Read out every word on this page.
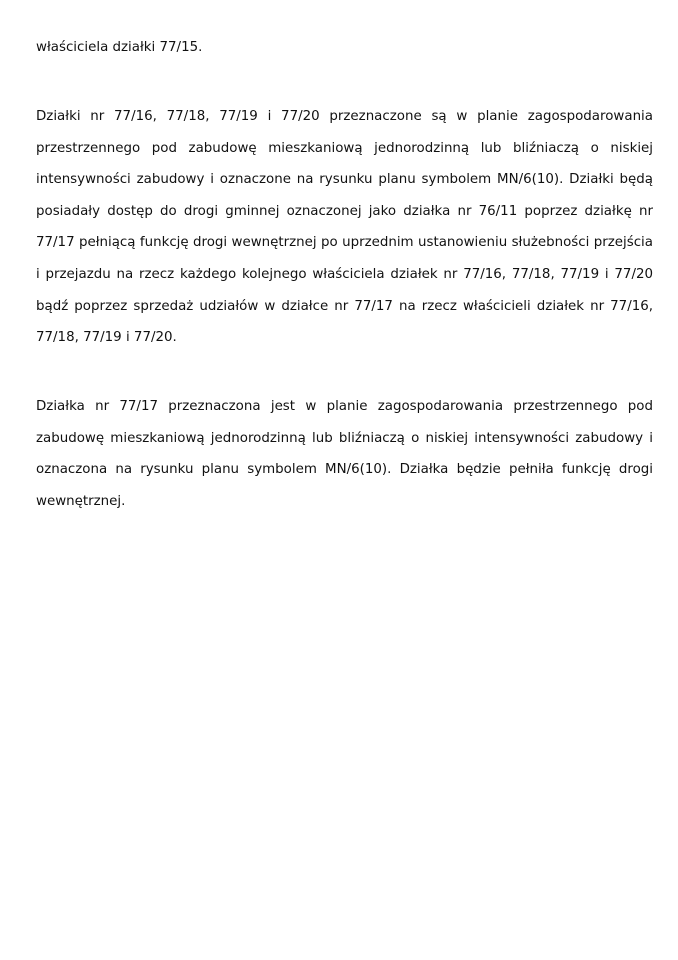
właściciela działki 77/15.

Działki nr 77/16, 77/18, 77/19 i 77/20 przeznaczone są w planie zagospodarowania przestrzennego pod zabudowę mieszkaniową jednorodzinną lub bliźniaczą o niskiej intensywności zabudowy i oznaczone na rysunku planu symbolem MN/6(10). Działki będą posiadały dostęp do drogi gminnej oznaczonej jako działka nr 76/11 poprzez działkę nr 77/17 pełniącą funkcję drogi wewnętrznej po uprzednim ustanowieniu służebności przejścia i przejazdu na rzecz każdego kolejnego właściciela działek nr 77/16, 77/18, 77/19 i 77/20 bądź poprzez sprzedaż udziałów w działce nr 77/17 na rzecz właścicieli działek nr 77/16, 77/18, 77/19 i 77/20.

Działka nr 77/17 przeznaczona jest w planie zagospodarowania przestrzennego pod zabudowę mieszkaniową jednorodzinną lub bliźniaczą o niskiej intensywności zabudowy i oznaczona na rysunku planu symbolem MN/6(10). Działka będzie pełniła funkcję drogi wewnętrznej.
